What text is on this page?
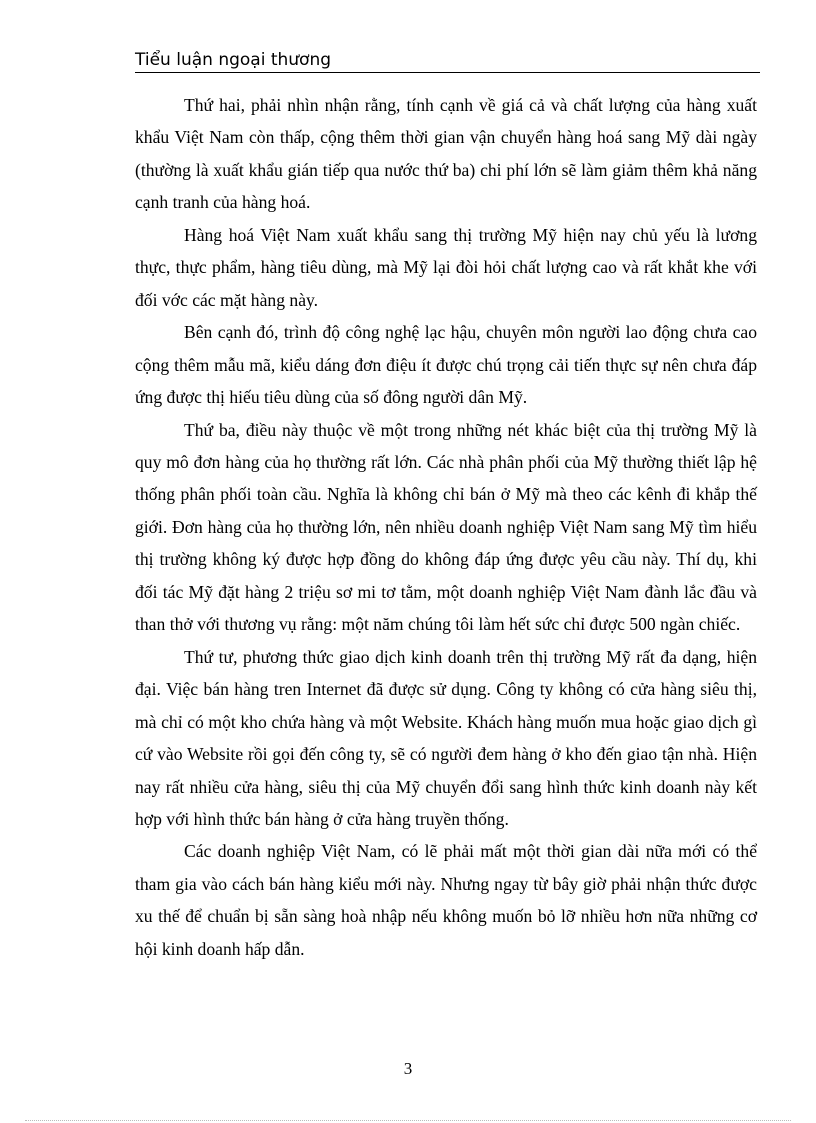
Tiểu luận ngoại thương

Thứ hai, phải nhìn nhận rằng, tính cạnh về giá cả và chất lượng của hàng xuất khẩu Việt Nam còn thấp, cộng thêm thời gian vận chuyển hàng hoá sang Mỹ dài ngày (thường là xuất khẩu gián tiếp qua nước thứ ba) chi phí lớn sẽ làm giảm thêm khả năng cạnh tranh của hàng hoá.

Hàng hoá Việt Nam xuất khẩu sang thị trường Mỹ hiện nay chủ yếu là lương thực, thực phẩm, hàng tiêu dùng, mà Mỹ lại đòi hỏi chất lượng cao và rất khắt khe với đối vớc các mặt hàng này.

Bên cạnh đó, trình độ công nghệ lạc hậu, chuyên môn người lao động chưa cao cộng thêm mẫu mã, kiểu dáng đơn điệu ít được chú trọng cải tiến thực sự nên chưa đáp ứng được thị hiếu tiêu dùng của số đông người dân Mỹ.

Thứ ba, điều này thuộc về một trong những nét khác biệt của thị trường Mỹ là quy mô đơn hàng của họ thường rất lớn. Các nhà phân phối của Mỹ thường thiết lập hệ thống phân phối toàn cầu. Nghĩa là không chỉ bán ở Mỹ mà theo các kênh đi khắp thế giới. Đơn hàng của họ thường lớn, nên nhiều doanh nghiệp Việt Nam sang Mỹ tìm hiểu thị trường không ký được hợp đồng do không đáp ứng được yêu cầu này. Thí dụ, khi đối tác Mỹ đặt hàng 2 triệu sơ mi tơ tằm, một doanh nghiệp Việt Nam đành lắc đầu và than thở với thương vụ rằng: một năm chúng tôi làm hết sức chỉ được 500 ngàn chiếc.

Thứ tư, phương thức giao dịch kinh doanh trên thị trường Mỹ rất đa dạng, hiện đại. Việc bán hàng tren Internet đã được sử dụng. Công ty không có cửa hàng siêu thị, mà chỉ có một kho chứa hàng và một Website. Khách hàng muốn mua hoặc giao dịch gì cứ vào Website rồi gọi đến công ty, sẽ có người đem hàng ở kho đến giao tận nhà. Hiện nay rất nhiều cửa hàng, siêu thị của Mỹ chuyển đổi sang hình thức kinh doanh này kết hợp với hình thức bán hàng ở cửa hàng truyền thống.

Các doanh nghiệp Việt Nam, có lẽ phải mất một thời gian dài nữa mới có thể tham gia vào cách bán hàng kiểu mới này. Nhưng ngay từ bây giờ phải nhận thức được xu thế để chuẩn bị sẵn sàng hoà nhập nếu không muốn bỏ lỡ nhiều hơn nữa những cơ hội kinh doanh hấp dẫn.

3
